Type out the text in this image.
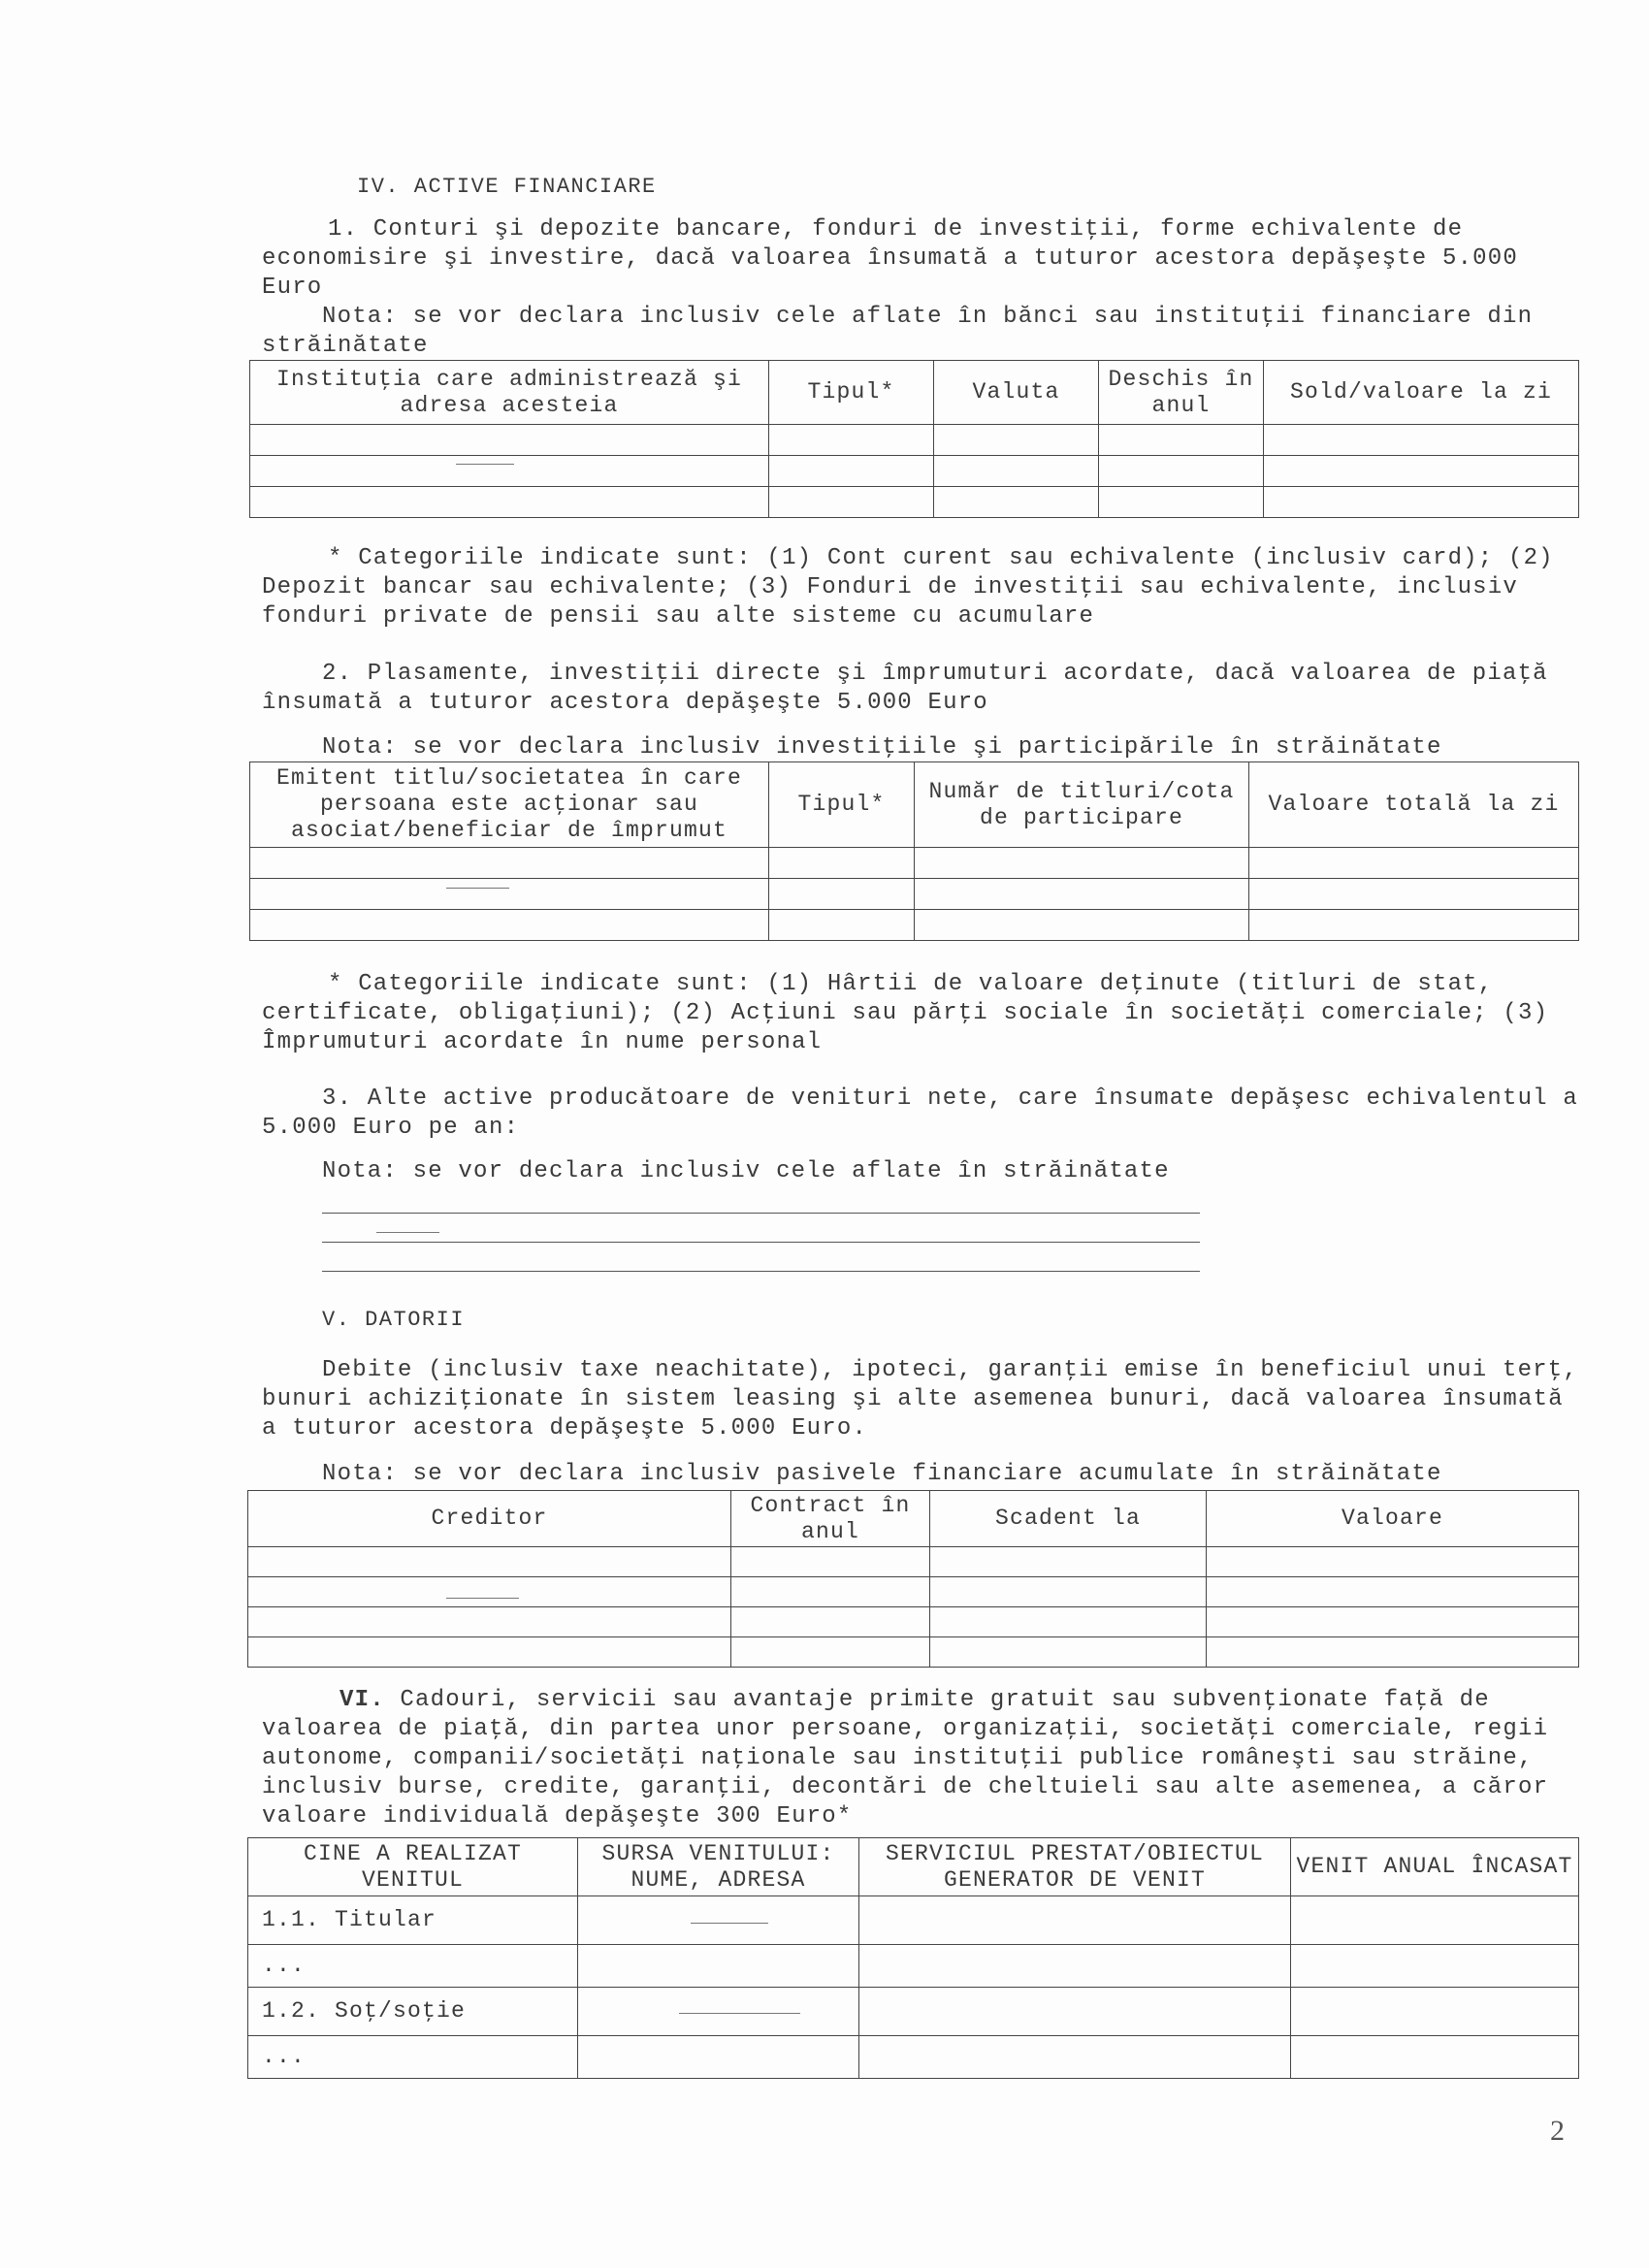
IV. ACTIVE FINANCIARE
1. Conturi şi depozite bancare, fonduri de investiţii, forme echivalente de economisire şi investire, dacă valoarea însumată a tuturor acestora depăşeşte 5.000 Euro
Nota: se vor declara inclusiv cele aflate în bănci sau instituţii financiare din străinătate
Instituţia care administrează şi adresa acesteia	Tipul*	Valuta	Deschis în anul	Sold/valoare la zi

* Categoriile indicate sunt: (1) Cont curent sau echivalente (inclusiv card); (2) Depozit bancar sau echivalente; (3) Fonduri de investiţii sau echivalente, inclusiv fonduri private de pensii sau alte sisteme cu acumulare
2. Plasamente, investiţii directe şi împrumuturi acordate, dacă valoarea de piaţă însumată a tuturor acestora depăşeşte 5.000 Euro
Nota: se vor declara inclusiv investiţiile şi participările în străinătate
Emitent titlu/societatea în care persoana este acţionar sau asociat/beneficiar de împrumut	Tipul*	Număr de titluri/cota de participare	Valoare totală la zi

* Categoriile indicate sunt: (1) Hârtii de valoare deţinute (titluri de stat, certificate, obligaţiuni); (2) Acţiuni sau părţi sociale în societăţi comerciale; (3) Împrumuturi acordate în nume personal
3. Alte active producătoare de venituri nete, care însumate depăşesc echivalentul a 5.000 Euro pe an:
Nota: se vor declara inclusiv cele aflate în străinătate
V. DATORII
Debite (inclusiv taxe neachitate), ipoteci, garanţii emise în beneficiul unui terţ, bunuri achiziţionate în sistem leasing şi alte asemenea bunuri, dacă valoarea însumată a tuturor acestora depăşeşte 5.000 Euro.
Nota: se vor declara inclusiv pasivele financiare acumulate în străinătate
Creditor	Contract în anul	Scadent la	Valoare

VI. Cadouri, servicii sau avantaje primite gratuit sau subvenţionate faţă de valoarea de piaţă, din partea unor persoane, organizaţii, societăţi comerciale, regii autonome, companii/societăţi naţionale sau instituţii publice româneşti sau străine, inclusiv burse, credite, garanţii, decontări de cheltuieli sau alte asemenea, a căror valoare individuală depăşeşte 300 Euro*
CINE A REALIZAT VENITUL	SURSA VENITULUI: NUME, ADRESA	SERVICIUL PRESTAT/OBIECTUL GENERATOR DE VENIT	VENIT ANUAL ÎNCASAT
1.1. Titular			
...			
1.2. Soţ/soţie			
...			
2
